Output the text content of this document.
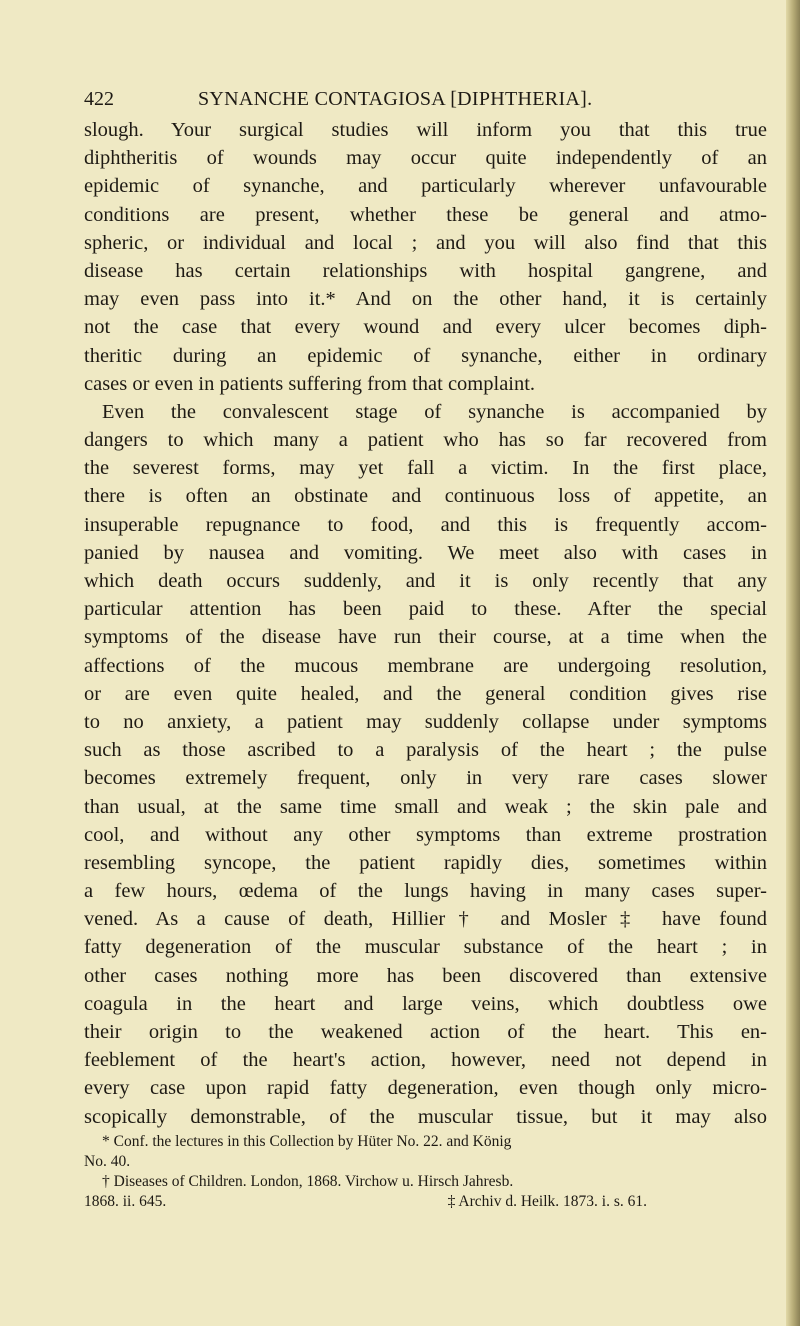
422	SYNANCHE CONTAGIOSA [DIPHTHERIA].
slough. Your surgical studies will inform you that this true
diphtheritis of wounds may occur quite independently of an
epidemic of synanche, and particularly wherever unfavourable
conditions are present, whether these be general and atmo-
spheric, or individual and local ; and you will also find that this
disease has certain relationships with hospital gangrene, and
may even pass into it.* And on the other hand, it is certainly
not the case that every wound and every ulcer becomes diph-
theritic during an epidemic of synanche, either in ordinary
cases or even in patients suffering from that complaint.
Even the convalescent stage of synanche is accompanied by
dangers to which many a patient who has so far recovered from
the severest forms, may yet fall a victim. In the first place,
there is often an obstinate and continuous loss of appetite, an
insuperable repugnance to food, and this is frequently accom-
panied by nausea and vomiting. We meet also with cases in
which death occurs suddenly, and it is only recently that any
particular attention has been paid to these. After the special
symptoms of the disease have run their course, at a time when the
affections of the mucous membrane are undergoing resolution,
or are even quite healed, and the general condition gives rise
to no anxiety, a patient may suddenly collapse under symptoms
such as those ascribed to a paralysis of the heart ; the pulse
becomes extremely frequent, only in very rare cases slower
than usual, at the same time small and weak ; the skin pale and
cool, and without any other symptoms than extreme prostration
resembling syncope, the patient rapidly dies, sometimes within
a few hours, œdema of the lungs having in many cases super-
vened. As a cause of death, Hillier† and Mosler‡ have found
fatty degeneration of the muscular substance of the heart ; in
other cases nothing more has been discovered than extensive
coagula in the heart and large veins, which doubtless owe
their origin to the weakened action of the heart. This en-
feeblement of the heart's action, however, need not depend in
every case upon rapid fatty degeneration, even though only micro-
scopically demonstrable, of the muscular tissue, but it may also
* Conf. the lectures in this Collection by Hüter No. 22. and König
No. 40.
† Diseases of Children. London, 1868. Virchow u. Hirsch Jahresb.
1868. ii. 645.	‡ Archiv d. Heilk. 1873. i. s. 61.
